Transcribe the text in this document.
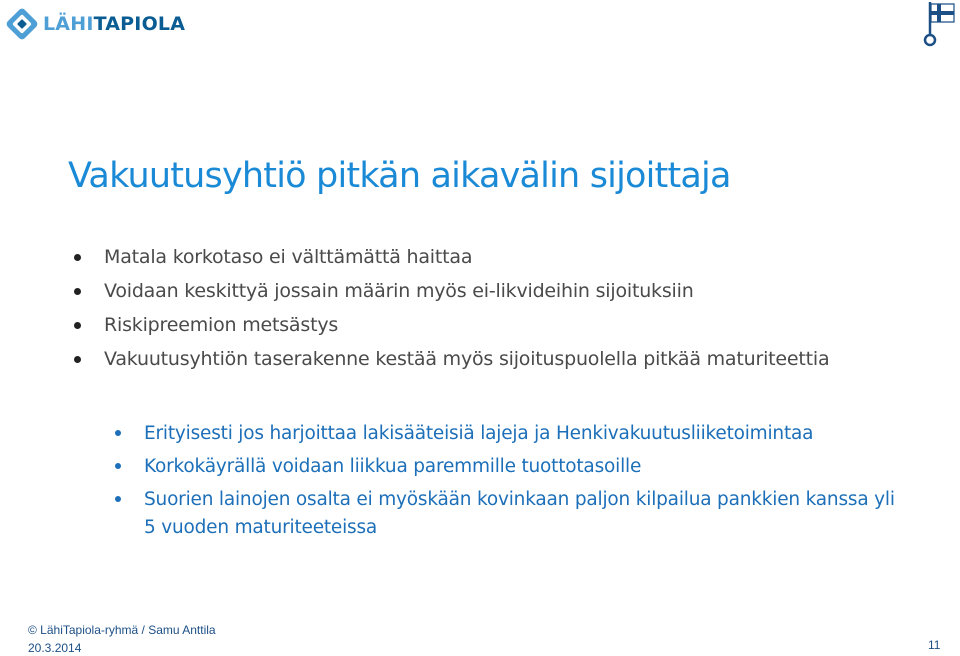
LÄHITAPIOLA
Vakuutusyhtiö pitkän aikavälin sijoittaja
Matala korkotaso ei välttämättä haittaa
Voidaan keskittyä jossain määrin myös ei-likvideihin sijoituksiin
Riskipreemion metsästys
Vakuutusyhtiön taserakenne kestää myös sijoituspuolella pitkää maturiteettia
Erityisesti jos harjoittaa lakisääteisiä lajeja ja Henkivakuutusliiketoimintaa
Korkokäyrällä voidaan liikkua paremmille tuottotasoille
Suorien lainojen osalta ei myöskään kovinkaan paljon kilpailua pankkien kanssa yli 5 vuoden maturiteeteissa
© LähiTapiola-ryhmä / Samu Anttila
20.3.2014	11
